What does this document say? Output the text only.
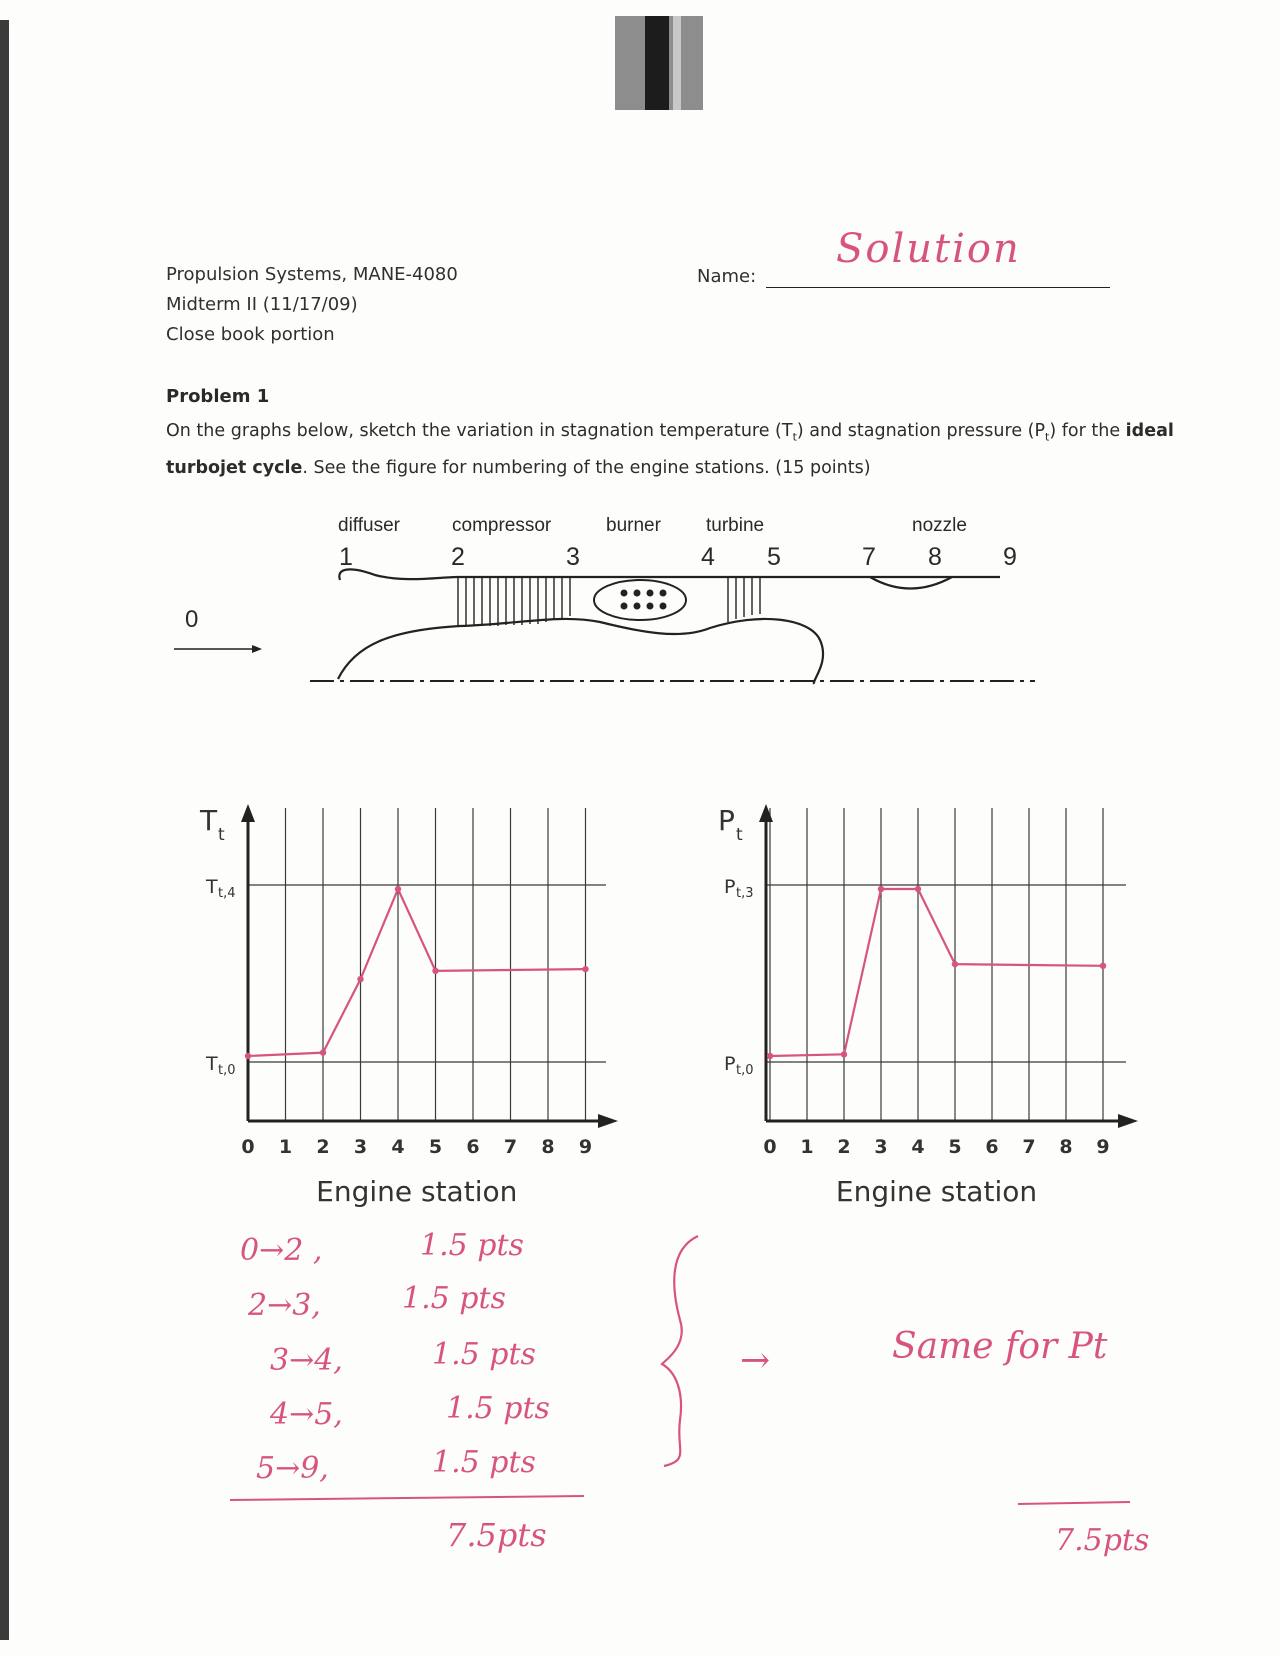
Propulsion Systems, MANE-4080
Midterm II (11/17/09)
Close book portion
Name:
Solution
Problem 1
On the graphs below, sketch the variation in stagnation temperature $(T_t)$ and stagnation pressure $(P_t)$ for the ideal turbojet cycle. See the figure for numbering of the engine stations. (15 points)
diffuser	compressor	burner turbine	nozzle
1	2	3	4 5	7 8 9
0
T t
T t,4
T t,0
0 1 2 3 4 5 6 7 8 9
Engine station
P t
P t,3
P t,0
0 1 2 3 4 5 6 7 8 9
Engine station
0→2 ,	1.5 pts
2→3,	1.5 pts
3→4,	1.5 pts
4→5,	1.5 pts
5→9,	1.5 pts
7.5pts
→	Same for Pt
7.5pts
